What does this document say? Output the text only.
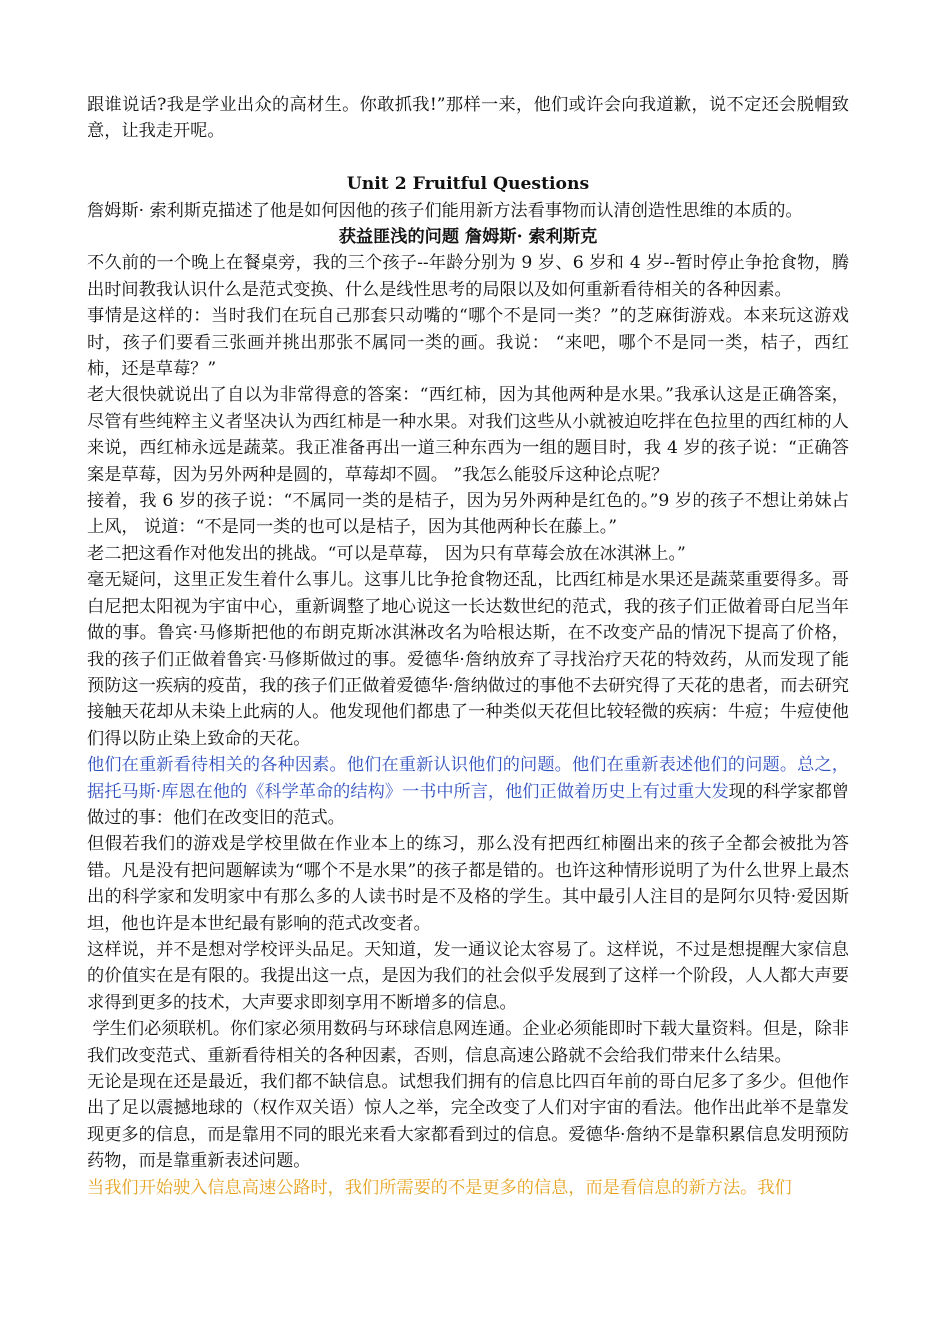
跟谁说话?我是学业出众的高材生。你敢抓我!”那样一来，他们或许会向我道歉，说不定还会脱帽致意，让我走开呢。

Unit 2 Fruitful Questions

詹姆斯· 索利斯克描述了他是如何因他的孩子们能用新方法看事物而认清创造性思维的本质的。

获益匪浅的问题 詹姆斯· 索利斯克

不久前的一个晚上在餐桌旁，我的三个孩子--年龄分别为 9 岁、6 岁和 4 岁--暂时停止争抢食物，腾出时间教我认识什么是范式变换、什么是线性思考的局限以及如何重新看待相关的各种因素。

事情是这样的：当时我们在玩自己那套只动嘴的“哪个不是同一类？”的芝麻街游戏。本来玩这游戏时，孩子们要看三张画并挑出那张不属同一类的画。我说： “来吧，哪个不是同一类，桔子，西红柿，还是草莓？”

老大很快就说出了自以为非常得意的答案：“西红柿，因为其他两种是水果。”我承认这是正确答案，尽管有些纯粹主义者坚决认为西红柿是一种水果。对我们这些从小就被迫吃拌在色拉里的西红柿的人来说，西红柿永远是蔬菜。我正准备再出一道三种东西为一组的题目时，我 4 岁的孩子说：“正确答案是草莓，因为另外两种是圆的，草莓却不圆。 ”我怎么能驳斥这种论点呢？

接着，我 6 岁的孩子说：“不属同一类的是桔子，因为另外两种是红色的。”9 岁的孩子不想让弟妹占上风， 说道：“不是同一类的也可以是桔子，因为其他两种长在藤上。”

老二把这看作对他发出的挑战。“可以是草莓， 因为只有草莓会放在冰淇淋上。”

毫无疑问，这里正发生着什么事儿。这事儿比争抢食物还乱，比西红柿是水果还是蔬菜重要得多。哥白尼把太阳视为宇宙中心，重新调整了地心说这一长达数世纪的范式，我的孩子们正做着哥白尼当年做的事。鲁宾·马修斯把他的布朗克斯冰淇淋改名为哈根达斯，在不改变产品的情况下提高了价格， 我的孩子们正做着鲁宾·马修斯做过的事。爱德华·詹纳放弃了寻找治疗天花的特效药，从而发现了能预防这一疾病的疫苗，我的孩子们正做着爱德华·詹纳做过的事他不去研究得了天花的患者，而去研究接触天花却从未染上此病的人。他发现他们都患了一种类似天花但比较轻微的疾病：牛痘；牛痘使他们得以防止染上致命的天花。

他们在重新看待相关的各种因素。他们在重新认识他们的问题。他们在重新表述他们的问题。总之，据托马斯·库恩在他的《科学革命的结构》一书中所言，他们正做着历史上有过重大发现的科学家都曾做过的事：他们在改变旧的范式。

但假若我们的游戏是学校里做在作业本上的练习，那么没有把西红柿圈出来的孩子全都会被批为答错。凡是没有把问题解读为“哪个不是水果”的孩子都是错的。也许这种情形说明了为什么世界上最杰出的科学家和发明家中有那么多的人读书时是不及格的学生。其中最引人注目的是阿尔贝特·爱因斯坦，他也许是本世纪最有影响的范式改变者。

这样说，并不是想对学校评头品足。天知道，发一通议论太容易了。这样说，不过是想提醒大家信息的价值实在是有限的。我提出这一点，是因为我们的社会似乎发展到了这样一个阶段，人人都大声要求得到更多的技术，大声要求即刻享用不断增多的信息。

学生们必须联机。你们家必须用数码与环球信息网连通。企业必须能即时下载大量资料。但是，除非我们改变范式、重新看待相关的各种因素，否则，信息高速公路就不会给我们带来什么结果。

无论是现在还是最近，我们都不缺信息。试想我们拥有的信息比四百年前的哥白尼多了多少。但他作出了足以震撼地球的（权作双关语）惊人之举，完全改变了人们对宇宙的看法。他作出此举不是靠发现更多的信息，而是靠用不同的眼光来看大家都看到过的信息。爱德华·詹纳不是靠积累信息发明预防药物，而是靠重新表述问题。

当我们开始驶入信息高速公路时，我们所需要的不是更多的信息，而是看信息的新方法。我们
